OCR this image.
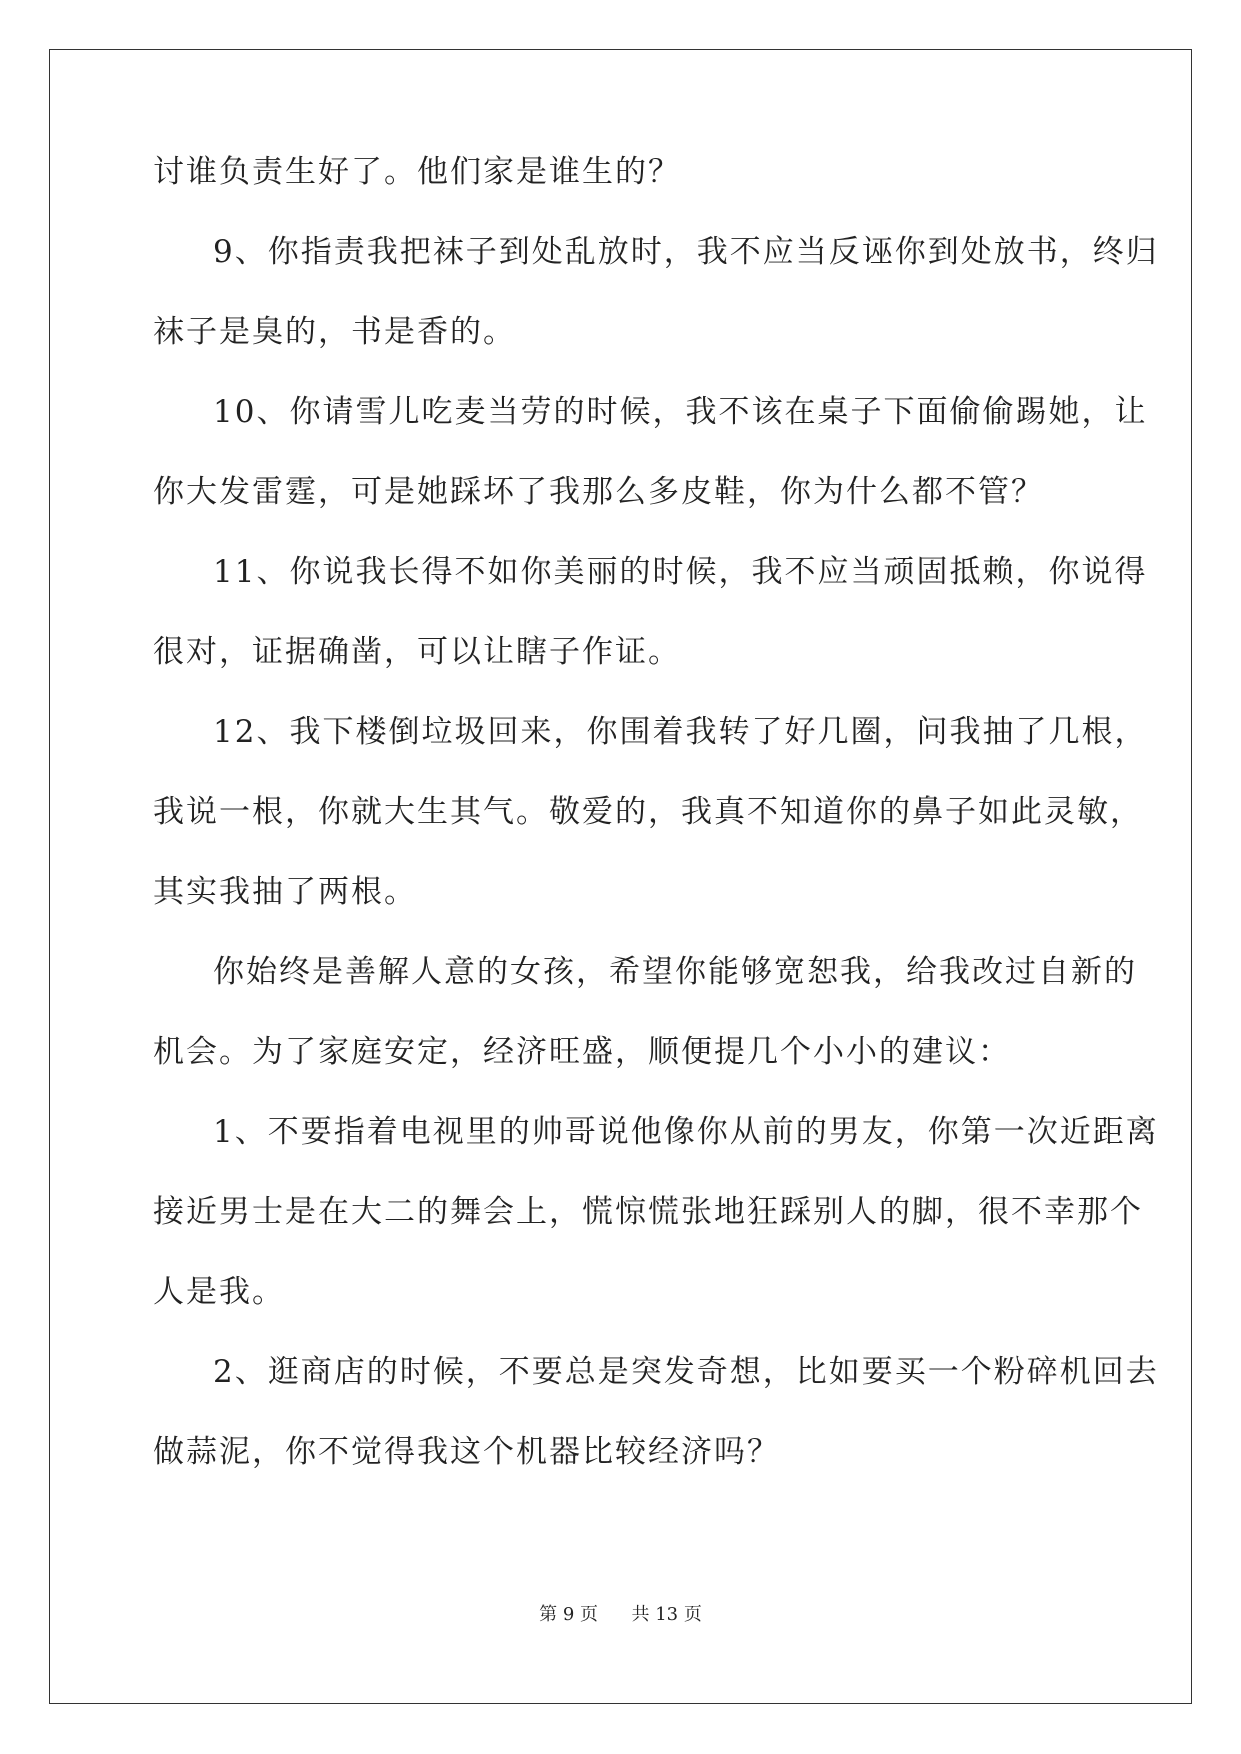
讨谁负责生好了。他们家是谁生的？
9、你指责我把袜子到处乱放时，我不应当反诬你到处放书，终归
袜子是臭的，书是香的。
10、你请雪儿吃麦当劳的时候，我不该在桌子下面偷偷踢她，让
你大发雷霆，可是她踩坏了我那么多皮鞋，你为什么都不管？
11、你说我长得不如你美丽的时候，我不应当顽固抵赖，你说得
很对，证据确凿，可以让瞎子作证。
12、我下楼倒垃圾回来，你围着我转了好几圈，问我抽了几根，
我说一根，你就大生其气。敬爱的，我真不知道你的鼻子如此灵敏，
其实我抽了两根。
你始终是善解人意的女孩，希望你能够宽恕我，给我改过自新的
机会。为了家庭安定，经济旺盛，顺便提几个小小的建议：
1、不要指着电视里的帅哥说他像你从前的男友，你第一次近距离
接近男士是在大二的舞会上，慌惊慌张地狂踩别人的脚，很不幸那个
人是我。
2、逛商店的时候，不要总是突发奇想，比如要买一个粉碎机回去
做蒜泥，你不觉得我这个机器比较经济吗？
第 9 页 共 13 页
